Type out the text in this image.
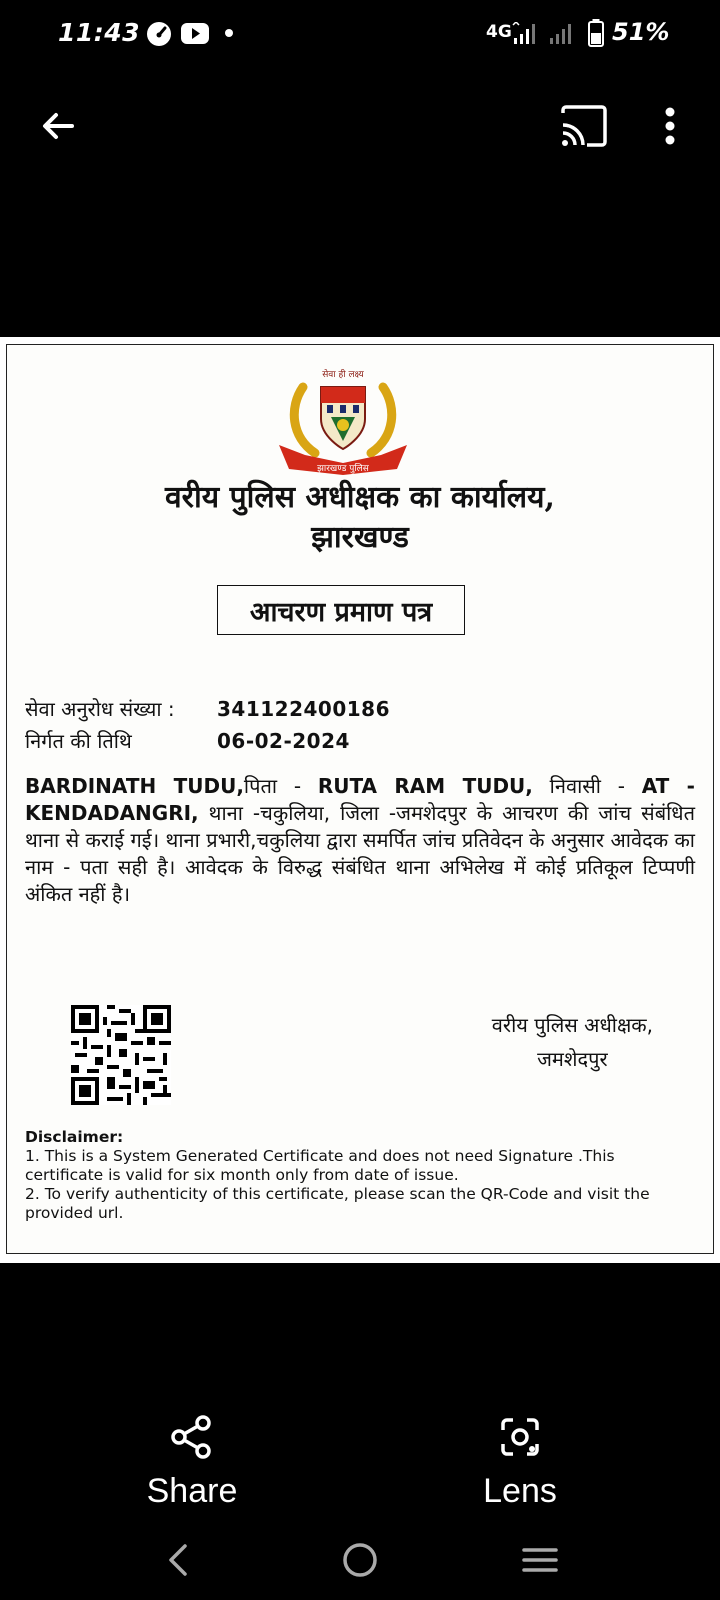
11:43	4G	51%
सेवा ही लक्ष्य
झारखण्ड पुलिस
वरीय पुलिस अधीक्षक का कार्यालय,
झारखण्ड
आचरण प्रमाण पत्र
सेवा अनुरोध संख्या : 341122400186
निर्गत की तिथि	06-02-2024
BARDINATH TUDU,पिता - RUTA RAM TUDU, निवासी - AT - KENDADANGRI, थाना -चकुलिया, जिला -जमशेदपुर के आचरण की जांच संबंधित थाना से कराई गई। थाना प्रभारी,चकुलिया द्वारा समर्पित जांच प्रतिवेदन के अनुसार आवेदक का नाम - पता सही है। आवेदक के विरुद्ध संबंधित थाना अभिलेख में कोई प्रतिकूल टिप्पणी अंकित नहीं है।
वरीय पुलिस अधीक्षक,
जमशेदपुर
Disclaimer:
1. This is a System Generated Certificate and does not need Signature .This certificate is valid for six month only from date of issue.
2. To verify authenticity of this certificate, please scan the QR-Code and visit the provided url.
Share	Lens
